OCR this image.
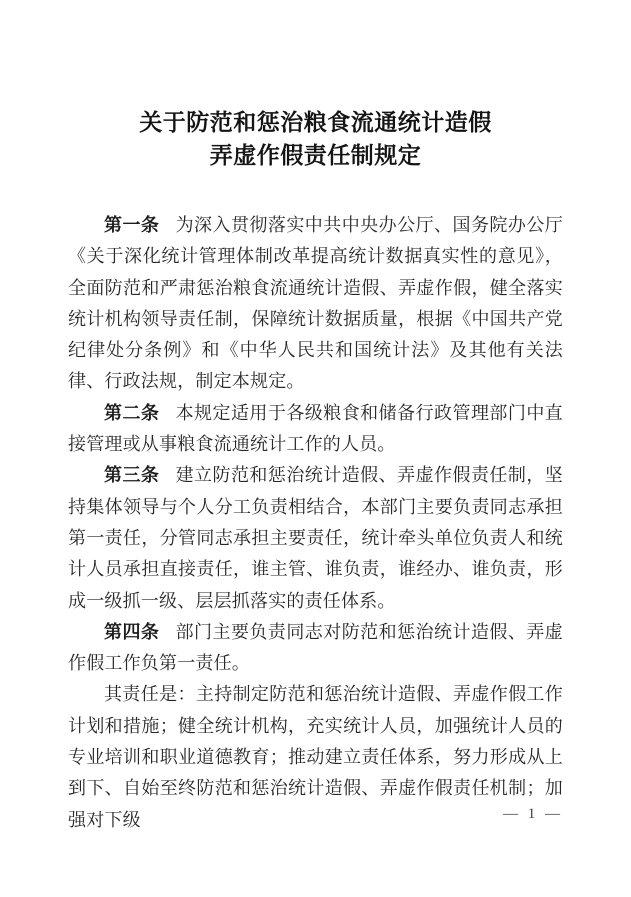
关于防范和惩治粮食流通统计造假
弄虚作假责任制规定

第一条 为深入贯彻落实中共中央办公厅、国务院办公厅《关于深化统计管理体制改革提高统计数据真实性的意见》，全面防范和严肃惩治粮食流通统计造假、弄虚作假，健全落实统计机构领导责任制，保障统计数据质量，根据《中国共产党纪律处分条例》和《中华人民共和国统计法》及其他有关法律、行政法规，制定本规定。

第二条 本规定适用于各级粮食和储备行政管理部门中直接管理或从事粮食流通统计工作的人员。

第三条 建立防范和惩治统计造假、弄虚作假责任制，坚持集体领导与个人分工负责相结合，本部门主要负责同志承担第一责任，分管同志承担主要责任，统计牵头单位负责人和统计人员承担直接责任，谁主管、谁负责，谁经办、谁负责，形成一级抓一级、层层抓落实的责任体系。

第四条 部门主要负责同志对防范和惩治统计造假、弄虚作假工作负第一责任。

其责任是：主持制定防范和惩治统计造假、弄虚作假工作计划和措施；健全统计机构，充实统计人员，加强统计人员的专业培训和职业道德教育；推动建立责任体系，努力形成从上到下、自始至终防范和惩治统计造假、弄虚作假责任机制；加强对下级	— 1 —
